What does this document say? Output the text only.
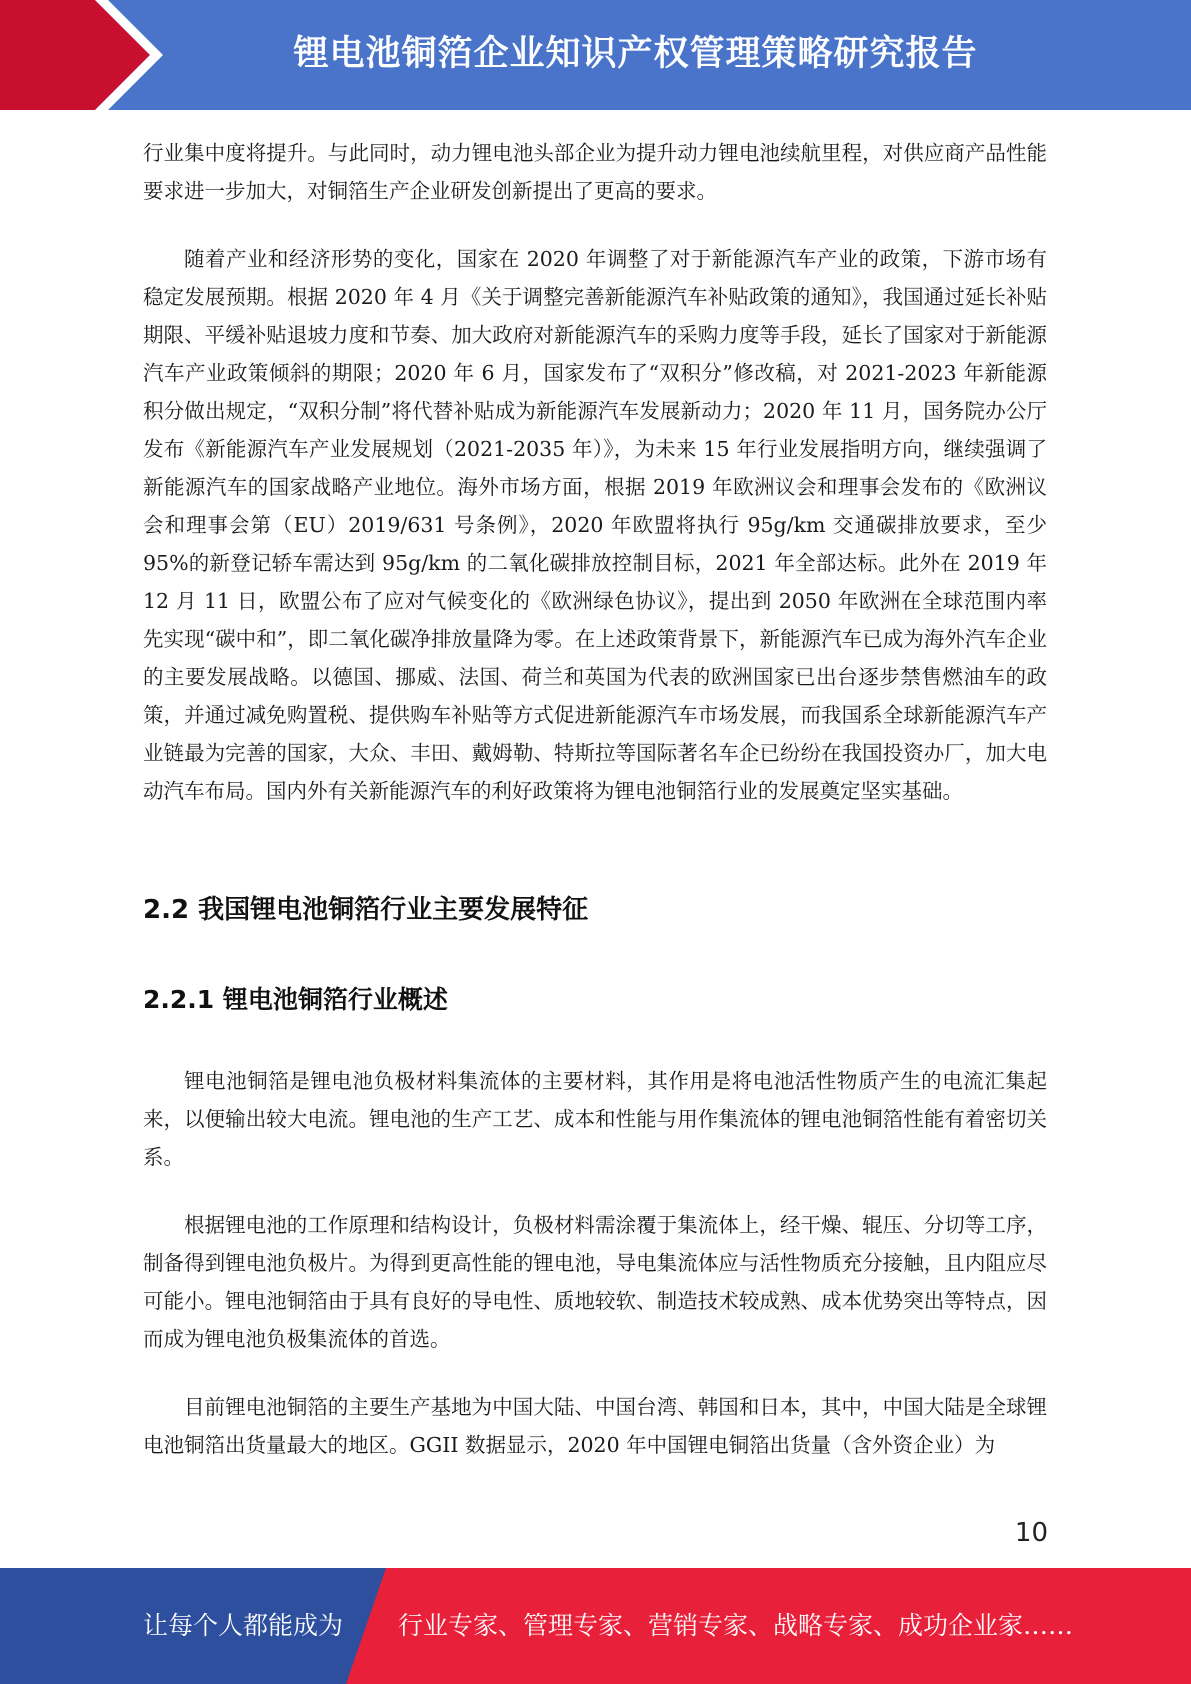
锂电池铜箔企业知识产权管理策略研究报告

行业集中度将提升。与此同时，动力锂电池头部企业为提升动力锂电池续航里程，对供应商产品性能要求进一步加大，对铜箔生产企业研发创新提出了更高的要求。

随着产业和经济形势的变化，国家在 2020 年调整了对于新能源汽车产业的政策，下游市场有稳定发展预期。根据 2020 年 4 月《关于调整完善新能源汽车补贴政策的通知》，我国通过延长补贴期限、平缓补贴退坡力度和节奏、加大政府对新能源汽车的采购力度等手段，延长了国家对于新能源汽车产业政策倾斜的期限；2020 年 6 月，国家发布了“双积分”修改稿，对 2021-2023 年新能源积分做出规定，“双积分制”将代替补贴成为新能源汽车发展新动力；2020 年 11 月，国务院办公厅发布《新能源汽车产业发展规划（2021-2035 年）》，为未来 15 年行业发展指明方向，继续强调了新能源汽车的国家战略产业地位。海外市场方面，根据 2019 年欧洲议会和理事会发布的《欧洲议会和理事会第（EU）2019/631 号条例》，2020 年欧盟将执行 95g/km 交通碳排放要求，至少 95%的新登记轿车需达到 95g/km 的二氧化碳排放控制目标，2021 年全部达标。此外在 2019 年 12 月 11 日，欧盟公布了应对气候变化的《欧洲绿色协议》，提出到 2050 年欧洲在全球范围内率先实现“碳中和”，即二氧化碳净排放量降为零。在上述政策背景下，新能源汽车已成为海外汽车企业的主要发展战略。以德国、挪威、法国、荷兰和英国为代表的欧洲国家已出台逐步禁售燃油车的政策，并通过减免购置税、提供购车补贴等方式促进新能源汽车市场发展，而我国系全球新能源汽车产业链最为完善的国家，大众、丰田、戴姆勒、特斯拉等国际著名车企已纷纷在我国投资办厂，加大电动汽车布局。国内外有关新能源汽车的利好政策将为锂电池铜箔行业的发展奠定坚实基础。

2.2 我国锂电池铜箔行业主要发展特征
2.2.1 锂电池铜箔行业概述

锂电池铜箔是锂电池负极材料集流体的主要材料，其作用是将电池活性物质产生的电流汇集起来，以便输出较大电流。锂电池的生产工艺、成本和性能与用作集流体的锂电池铜箔性能有着密切关系。

根据锂电池的工作原理和结构设计，负极材料需涂覆于集流体上，经干燥、辊压、分切等工序，制备得到锂电池负极片。为得到更高性能的锂电池，导电集流体应与活性物质充分接触，且内阻应尽可能小。锂电池铜箔由于具有良好的导电性、质地较软、制造技术较成熟、成本优势突出等特点，因而成为锂电池负极集流体的首选。

目前锂电池铜箔的主要生产基地为中国大陆、中国台湾、韩国和日本，其中，中国大陆是全球锂电池铜箔出货量最大的地区。GGII 数据显示，2020 年中国锂电铜箔出货量（含外资企业）为

10
让每个人都能成为 行业专家、管理专家、营销专家、战略专家、成功企业家……
